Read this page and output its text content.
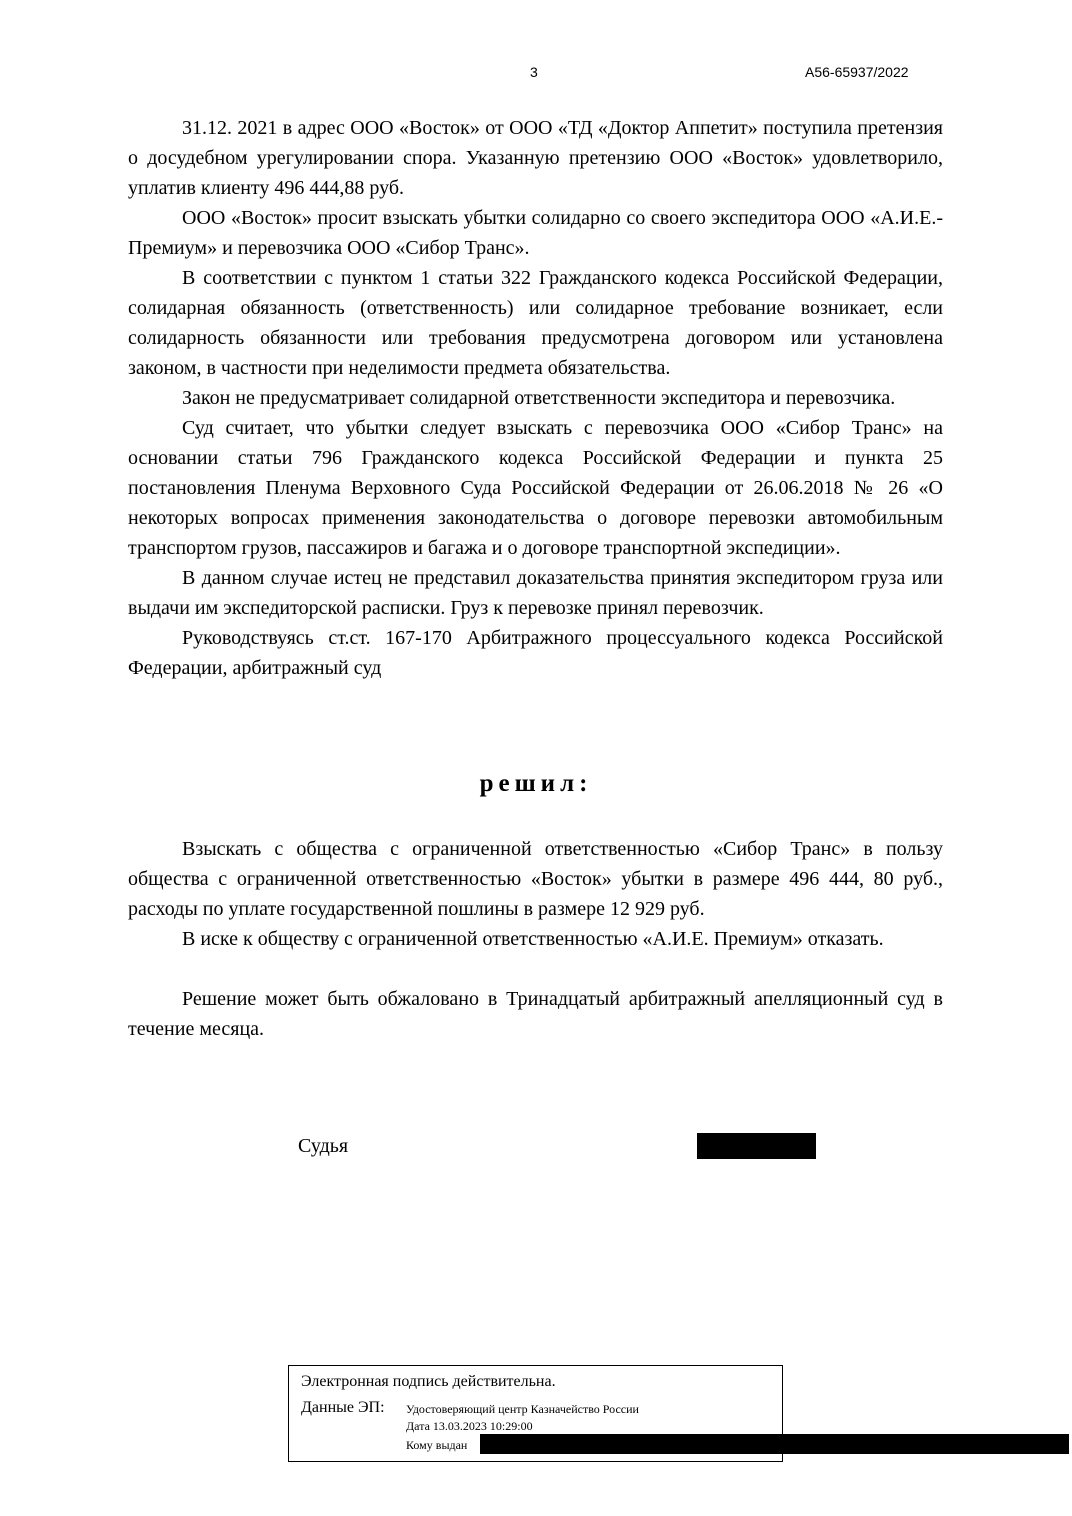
3	А56-65937/2022

31.12. 2021 в адрес ООО «Восток» от ООО «ТД «Доктор Аппетит» поступила претензия о досудебном урегулировании спора. Указанную претензию ООО «Восток» удовлетворило, уплатив клиенту 496 444,88 руб.

ООО «Восток» просит взыскать убытки солидарно со своего экспедитора ООО «А.И.Е.-Премиум» и перевозчика ООО «Сибор Транс».

В соответствии с пунктом 1 статьи 322 Гражданского кодекса Российской Федерации, солидарная обязанность (ответственность) или солидарное требование возникает, если солидарность обязанности или требования предусмотрена договором или установлена законом, в частности при неделимости предмета обязательства.

Закон не предусматривает солидарной ответственности экспедитора и перевозчика.

Суд считает, что убытки следует взыскать с перевозчика ООО «Сибор Транс» на основании статьи 796 Гражданского кодекса Российской Федерации и пункта 25 постановления Пленума Верховного Суда Российской Федерации от 26.06.2018 № 26 «О некоторых вопросах применения законодательства о договоре перевозки автомобильным транспортом грузов, пассажиров и багажа и о договоре транспортной экспедиции».

В данном случае истец не представил доказательства принятия экспедитором груза или выдачи им экспедиторской расписки. Груз к перевозке принял перевозчик.

Руководствуясь ст.ст. 167-170 Арбитражного процессуального кодекса Российской Федерации, арбитражный суд

решил:

Взыскать с общества с ограниченной ответственностью «Сибор Транс» в пользу общества с ограниченной ответственностью «Восток» убытки в размере 496 444, 80 руб., расходы по уплате государственной пошлины в размере 12 929 руб.

В иске к обществу с ограниченной ответственностью «А.И.Е. Премиум» отказать.

Решение может быть обжаловано в Тринадцатый арбитражный апелляционный суд в течение месяца.

Судья
Электронная подпись действительна.
Данные ЭП: Удостоверяющий центр Казначейство России
Дата 13.03.2023 10:29:00
Кому выдан
